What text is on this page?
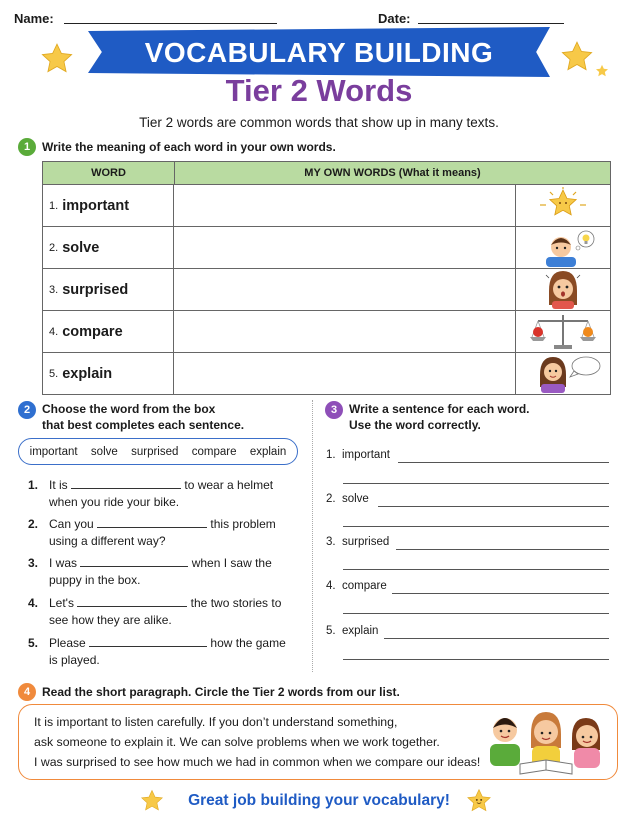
Name:	Date:
VOCABULARY BUILDING
Tier 2 Words
Tier 2 words are common words that show up in many texts.
1 Write the meaning of each word in your own words.
WORD	MY OWN WORDS (What it means)
1. important
2. solve
3. surprised
4. compare
5. explain
2 Choose the word from the box
that best completes each sentence.
important solve surprised compare explain
1. It is	to wear a helmet
when you ride your bike.
2. Can you	this problem
using a different way?
3. I was	when I saw the
puppy in the box.
4. Let's	the two stories to
see how they are alike.
5. Please	how the game
is played.
3 Write a sentence for each word.
Use the word correctly.
1. important
2. solve
3. surprised
4. compare
5. explain
4 Read the short paragraph. Circle the Tier 2 words from our list.
It is important to listen carefully. If you don’t understand something,
ask someone to explain it. We can solve problems when we work together.
I was surprised to see how much we had in common when we compare our ideas!
Great job building your vocabulary!
